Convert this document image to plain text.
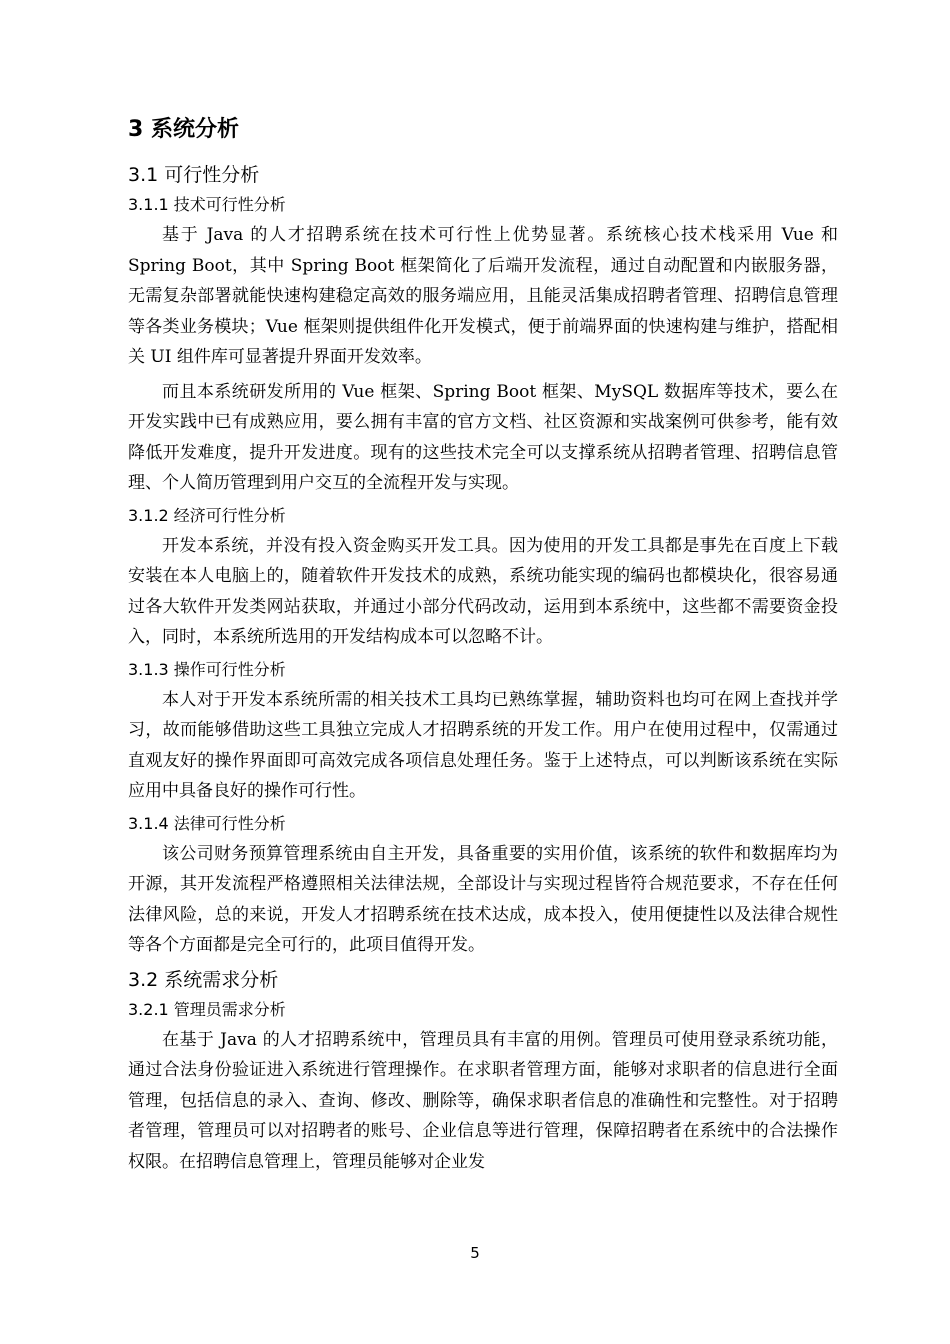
3 系统分析
3.1 可行性分析
3.1.1 技术可行性分析

基于 Java 的人才招聘系统在技术可行性上优势显著。系统核心技术栈采用 Vue 和 Spring Boot，其中 Spring Boot 框架简化了后端开发流程，通过自动配置和内嵌服务器，无需复杂部署就能快速构建稳定高效的服务端应用，且能灵活集成招聘者管理、招聘信息管理等各类业务模块；Vue 框架则提供组件化开发模式，便于前端界面的快速构建与维护，搭配相关 UI 组件库可显著提升界面开发效率。

而且本系统研发所用的 Vue 框架、Spring Boot 框架、MySQL 数据库等技术，要么在开发实践中已有成熟应用，要么拥有丰富的官方文档、社区资源和实战案例可供参考，能有效降低开发难度，提升开发进度。现有的这些技术完全可以支撑系统从招聘者管理、招聘信息管理、个人简历管理到用户交互的全流程开发与实现。

3.1.2 经济可行性分析

开发本系统，并没有投入资金购买开发工具。因为使用的开发工具都是事先在百度上下载安装在本人电脑上的，随着软件开发技术的成熟，系统功能实现的编码也都模块化，很容易通过各大软件开发类网站获取，并通过小部分代码改动，运用到本系统中，这些都不需要资金投入，同时，本系统所选用的开发结构成本可以忽略不计。

3.1.3 操作可行性分析

本人对于开发本系统所需的相关技术工具均已熟练掌握，辅助资料也均可在网上查找并学习，故而能够借助这些工具独立完成人才招聘系统的开发工作。用户在使用过程中，仅需通过直观友好的操作界面即可高效完成各项信息处理任务。鉴于上述特点，可以判断该系统在实际应用中具备良好的操作可行性。

3.1.4 法律可行性分析

该公司财务预算管理系统由自主开发，具备重要的实用价值，该系统的软件和数据库均为开源，其开发流程严格遵照相关法律法规，全部设计与实现过程皆符合规范要求，不存在任何法律风险，总的来说，开发人才招聘系统在技术达成，成本投入，使用便捷性以及法律合规性等各个方面都是完全可行的，此项目值得开发。

3.2 系统需求分析
3.2.1 管理员需求分析

在基于 Java 的人才招聘系统中，管理员具有丰富的用例。管理员可使用登录系统功能，通过合法身份验证进入系统进行管理操作。在求职者管理方面，能够对求职者的信息进行全面管理，包括信息的录入、查询、修改、删除等，确保求职者信息的准确性和完整性。对于招聘者管理，管理员可以对招聘者的账号、企业信息等进行管理，保障招聘者在系统中的合法操作权限。在招聘信息管理上，管理员能够对企业发

5
